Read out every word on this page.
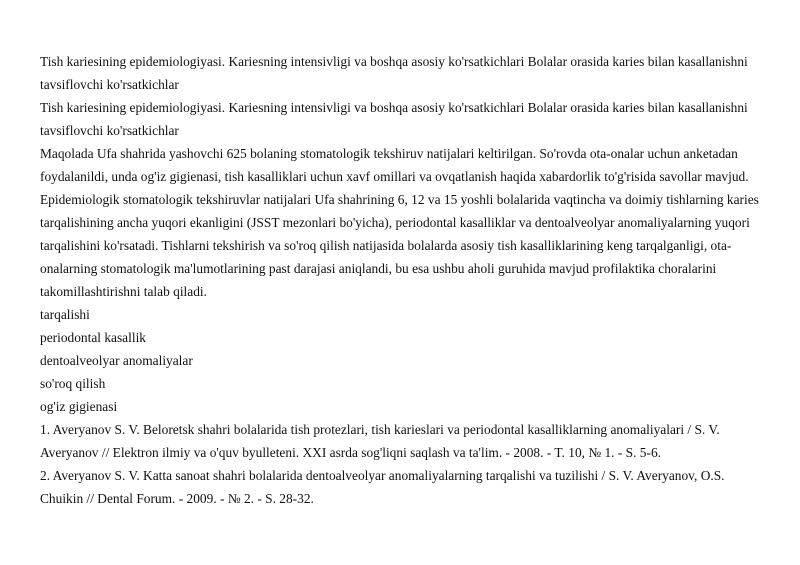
Tish kariesining epidemiologiyasi. Kariesning intensivligi va boshqa asosiy ko'rsatkichlari Bolalar orasida karies bilan kasallanishni tavsiflovchi ko'rsatkichlar

Tish kariesining epidemiologiyasi. Kariesning intensivligi va boshqa asosiy ko'rsatkichlari Bolalar orasida karies bilan kasallanishni tavsiflovchi ko'rsatkichlar

Maqolada Ufa shahrida yashovchi 625 bolaning stomatologik tekshiruv natijalari keltirilgan. So'rovda ota-onalar uchun anketadan foydalanildi, unda og'iz gigienasi, tish kasalliklari uchun xavf omillari va ovqatlanish haqida xabardorlik to'g'risida savollar mavjud. Epidemiologik stomatologik tekshiruvlar natijalari Ufa shahrining 6, 12 va 15 yoshli bolalarida vaqtincha va doimiy tishlarning karies tarqalishining ancha yuqori ekanligini (JSST mezonlari bo'yicha), periodontal kasalliklar va dentoalveolyar anomaliyalarning yuqori tarqalishini ko'rsatadi. Tishlarni tekshirish va so'roq qilish natijasida bolalarda asosiy tish kasalliklarining keng tarqalganligi, ota-onalarning stomatologik ma'lumotlarining past darajasi aniqlandi, bu esa ushbu aholi guruhida mavjud profilaktika choralarini takomillashtirishni talab qiladi.

tarqalishi

periodontal kasallik

dentoalveolyar anomaliyalar

so'roq qilish

og'iz gigienasi

1. Averyanov S. V. Beloretsk shahri bolalarida tish protezlari, tish karieslari va periodontal kasalliklarning anomaliyalari / S. V. Averyanov // Elektron ilmiy va o'quv byulleteni. XXI asrda sog'liqni saqlash va ta'lim. - 2008. - T. 10, № 1. - S. 5-6.

2. Averyanov S. V. Katta sanoat shahri bolalarida dentoalveolyar anomaliyalarning tarqalishi va tuzilishi / S. V. Averyanov, O.S. Chuikin // Dental Forum. - 2009. - № 2. - S. 28-32.
